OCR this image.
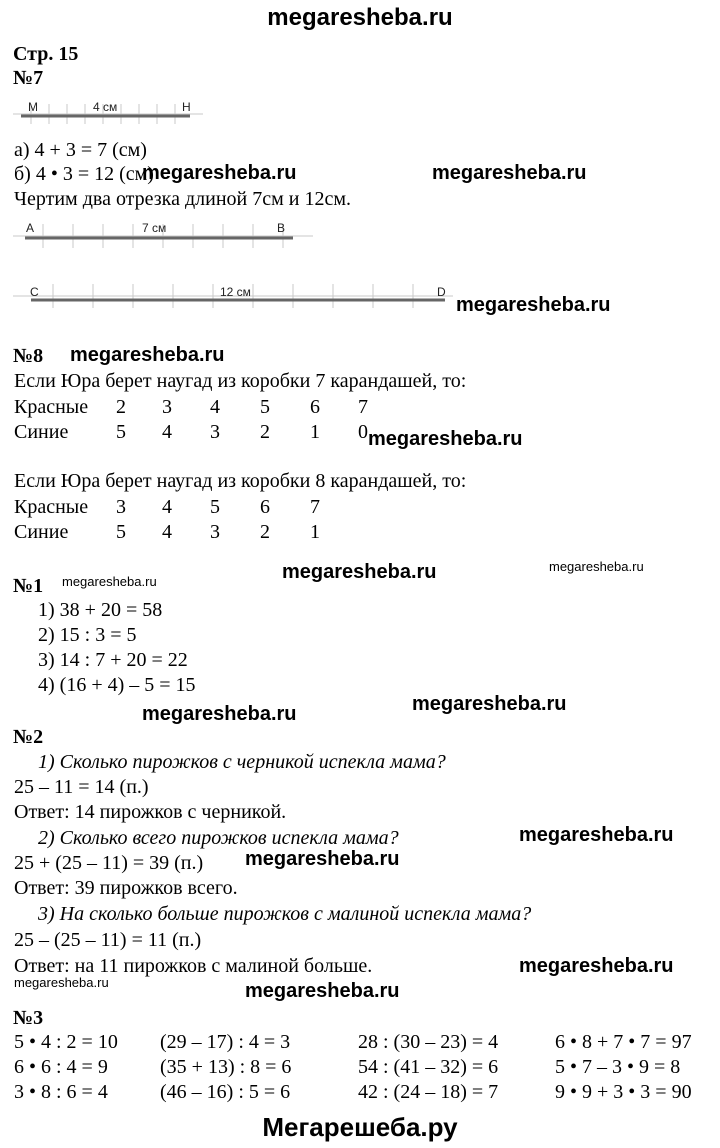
megaresheba.ru
Стр. 15
№7
M	4 см	H
а) 4 + 3 = 7 (см)
б) 4 • 3 = 12 (см)
Чертим два отрезка длиной 7см и 12см.
A	7 см	B
C	12 см	D
№8
Если Юра берет наугад из коробки 7 карандашей, то:
Красные 2 3 4 5 6 7
Синие 5 4 3 2 1 0
Если Юра берет наугад из коробки 8 карандашей, то:
Красные 3 4 5 6 7
Синие 5 4 3 2 1
№1
1) 38 + 20 = 58
2) 15 : 3 = 5
3) 14 : 7 + 20 = 22
4) (16 + 4) – 5 = 15
№2
1) Сколько пирожков с черникой испекла мама?
25 – 11 = 14 (п.)
Ответ: 14 пирожков с черникой.
2) Сколько всего пирожков испекла мама?
25 + (25 – 11) = 39 (п.)
Ответ: 39 пирожков всего.
3) На сколько больше пирожков с малиной испекла мама?
25 – (25 – 11) = 11 (п.)
Ответ: на 11 пирожков с малиной больше.
№3
5 • 4 : 2 = 10 (29 – 17) : 4 = 3	28 : (30 – 23) = 4	6 • 8 + 7 • 7 = 97
6 • 6 : 4 = 9	(35 + 13) : 8 = 6	54 : (41 – 32) = 6	5 • 7 – 3 • 9 = 8
3 • 8 : 6 = 4	(46 – 16) : 5 = 6	42 : (24 – 18) = 7	9 • 9 + 3 • 3 = 90
megaresheba.ru	megaresheba.ru
megaresheba.ru
megaresheba.ru
megaresheba.ru
megaresheba.ru	megaresheba.ru	megaresheba.ru
megaresheba.ru
megaresheba.ru
megaresheba.ru
megaresheba.ru
megaresheba.ru
megaresheba.ru	megaresheba.ru
Мегарешеба.ру
